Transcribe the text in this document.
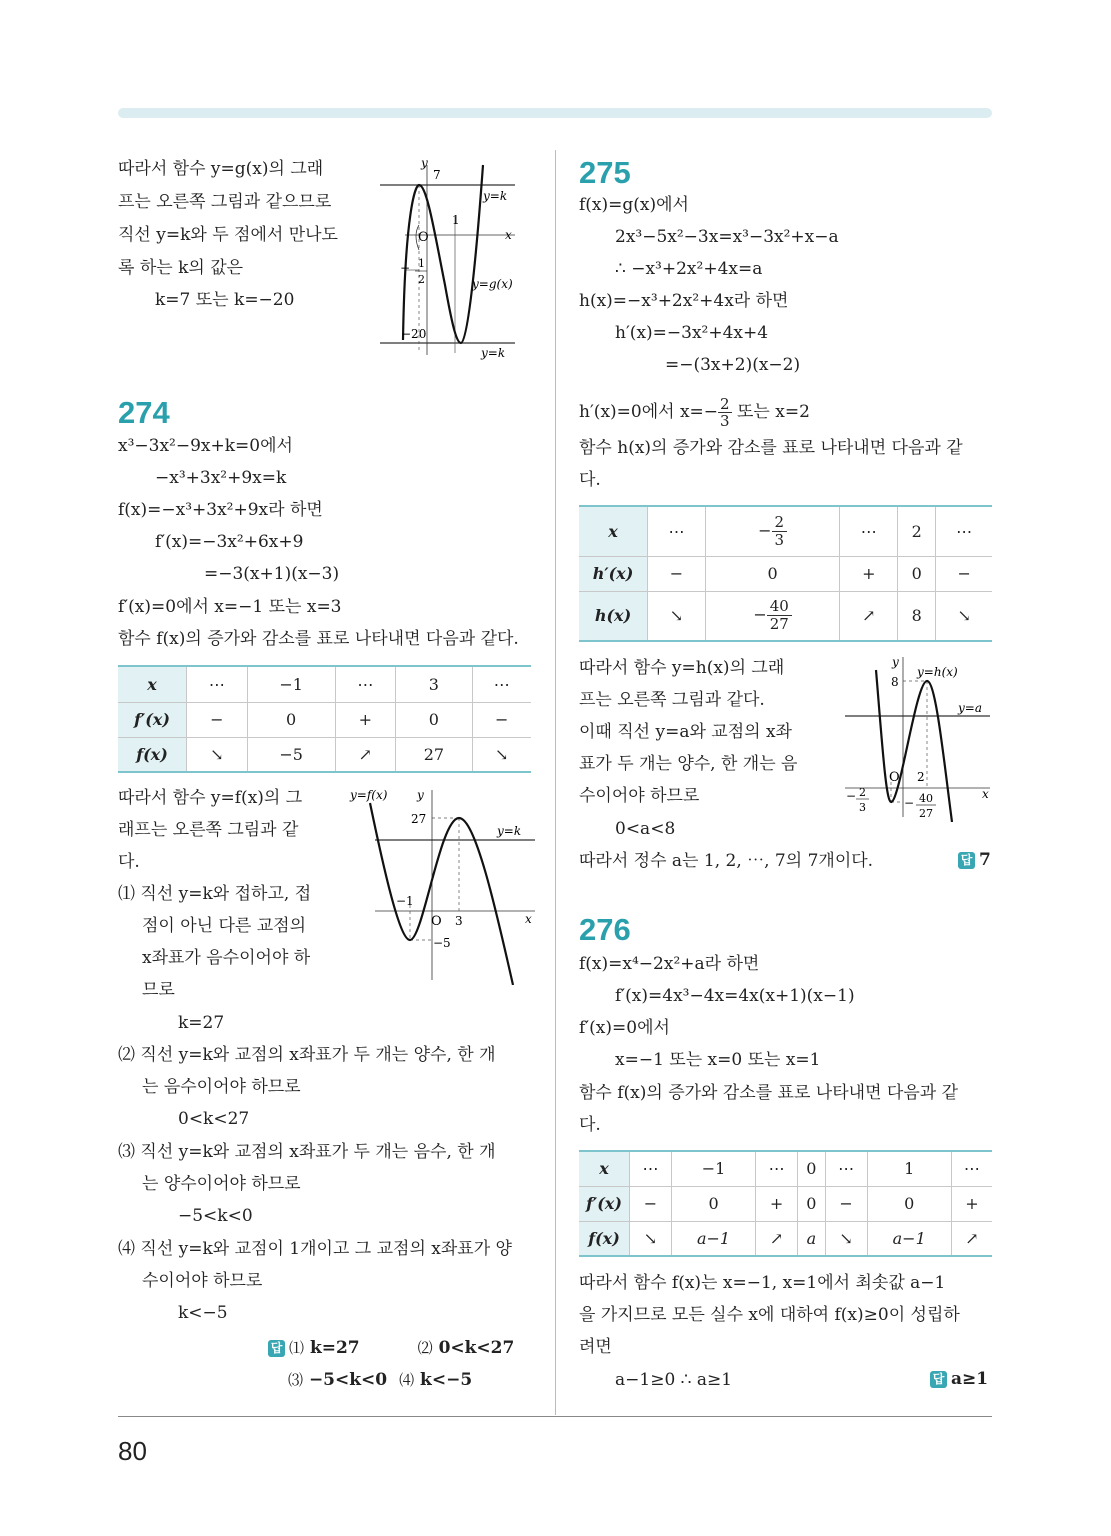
80
따라서 함수 y=g(x)의 그래
프는 오른쪽 그림과 같으므로
직선 y=k와 두 점에서 만나도
록 하는 k의 값은
k=7 또는 k=−20
y
7
y=k
1
x
O
− 1
2	y=g(x)
−20
y=k
274
x³−3x²−9x+k=0에서
−x³+3x²+9x=k
f(x)=−x³+3x²+9x라 하면
f′(x)=−3x²+6x+9
=−3(x+1)(x−3)
f′(x)=0에서 x=−1 또는 x=3
함수 f(x)의 증가와 감소를 표로 나타내면 다음과 같다.
x	⋯	−1	⋯	3	⋯
f′(x)	−	0	+	0	−
f(x)	↘	−5	↗	27	↘
따라서 함수 y=f(x)의 그
래프는 오른쪽 그림과 같
다.
y=f(x) y
27
y=k
−1
x
O 3
−5
⑴ 직선 y=k와 접하고, 접
점이 아닌 다른 교점의
x좌표가 음수이어야 하
므로
k=27
⑵ 직선 y=k와 교점의 x좌표가 두 개는 양수, 한 개
는 음수이어야 하므로
0<k<27
⑶ 직선 y=k와 교점의 x좌표가 두 개는 음수, 한 개
는 양수이어야 하므로
−5<k<0
⑷ 직선 y=k와 교점이 1개이고 그 교점의 x좌표가 양
수이어야 하므로
k<−5
답 ⑴ k=27	⑵ 0<k<27
⑶ −5<k<0 ⑷ k<−5
275
f(x)=g(x)에서
2x³−5x²−3x=x³−3x²+x−a
∴ −x³+2x²+4x=a
h(x)=−x³+2x²+4x라 하면
h′(x)=−3x²+4x+4
=−(3x+2)(x−2)
h′(x)=0에서 $x=- \frac{2}{3}$ 또는 x=2
함수 h(x)의 증가와 감소를 표로 나타내면 다음과 같
다.
x	⋯	− $\frac{2}{3}$	⋯	2	⋯
h′(x)	−	0	+	0	−
h(x)	↘	− $\frac{40}{27}$	↗	8	↘
따라서 함수 y=h(x)의 그래
프는 오른쪽 그림과 같다.
이때 직선 y=a와 교점의 x좌
표가 두 개는 양수, 한 개는 음
수이어야 하므로
0<a<8
따라서 정수 a는 1, 2, ⋯, 7의 7개이다.	답 7
y
y=h(x)
8
y=a
O 2
x
− 2
3	− 40
27
276
f(x)=x⁴−2x²+a라 하면
f′(x)=4x³−4x=4x(x+1)(x−1)
f′(x)=0에서
x=−1 또는 x=0 또는 x=1
함수 f(x)의 증가와 감소를 표로 나타내면 다음과 같
다.
x	⋯	−1	⋯	0	⋯	1	⋯
f′(x)	−	0	+	0	−	0	+
f(x)	↘	a−1	↗	a	↘	a−1	↗
따라서 함수 f(x)는 x=−1, x=1에서 최솟값 a−1
을 가지므로 모든 실수 x에 대하여 f(x)≥0이 성립하
려면
a−1≥0 ∴ a≥1	답 a≥1
